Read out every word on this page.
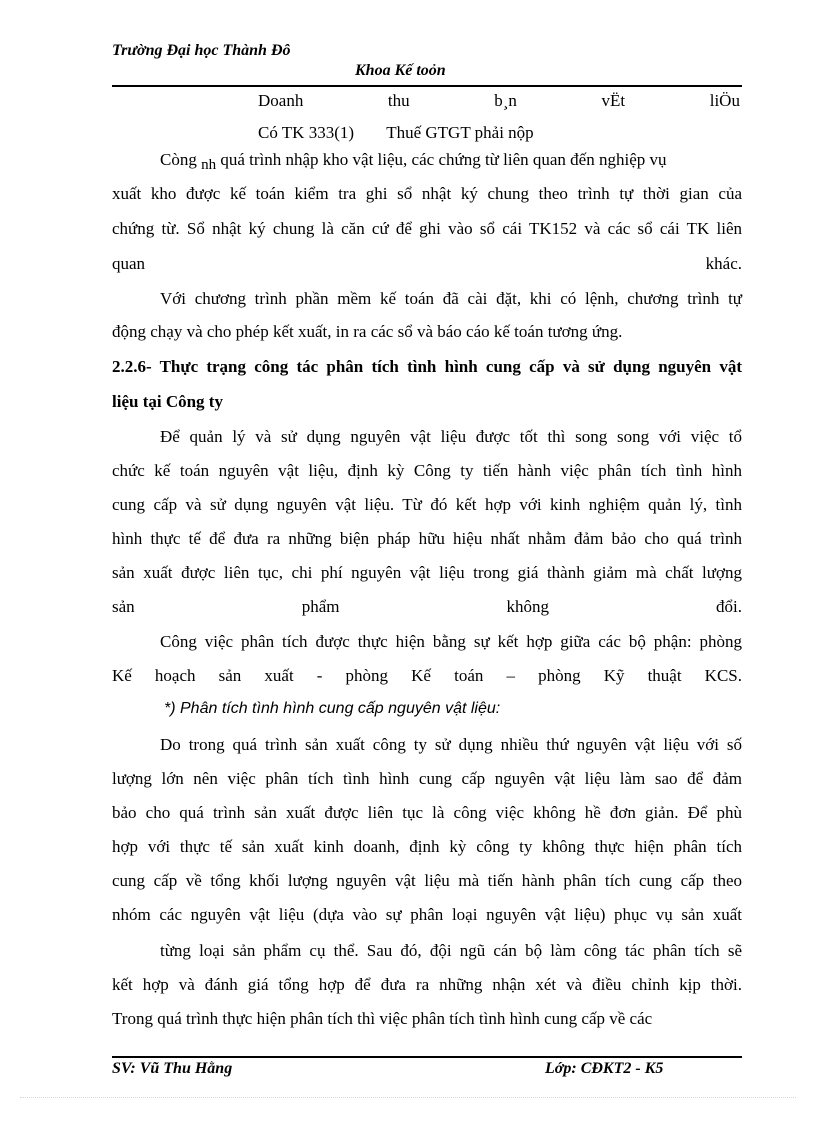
Trường Đại học Thành Đô
Khoa Kế toỏn
Doanh	thu	b¸n	vËt	liÖu
Có TK 333(1) Thuế GTGT phải nộp
Còng nh quá trình nhập kho vật liệu, các chứng từ liên quan đến nghiệp vụ
xuất kho được kế toán kiểm tra ghi sổ nhật ký chung theo trình tự thời gian của
chứng từ. Sổ nhật ký chung là căn cứ để ghi vào sổ cái TK152 và các sổ cái TK liên
quan	khác.
Với chương trình phần mềm kế toán đã cài đặt, khi có lệnh, chương trình tự
động chạy và cho phép kết xuất, in ra các sổ và báo cáo kế toán tương ứng.
2.2.6- Thực trạng công tác phân tích tình hình cung cấp và sử dụng nguyên vật
liệu tại Công ty
Để quản lý và sử dụng nguyên vật liệu được tốt thì song song với việc tổ
chức kế toán nguyên vật liệu, định kỳ Công ty tiến hành việc phân tích tình hình
cung cấp và sử dụng nguyên vật liệu. Từ đó kết hợp với kinh nghiệm quản lý, tình
hình thực tế để đưa ra những biện pháp hữu hiệu nhất nhằm đảm bảo cho quá trình
sản xuất được liên tục, chi phí nguyên vật liệu trong giá thành giảm mà chất lượng
sản	phẩm	không	đổi.
Công việc phân tích được thực hiện bằng sự kết hợp giữa các bộ phận: phòng
Kế hoạch sản xuất - phòng Kế toán – phòng Kỹ thuật KCS.
*) Phân tích tình hình cung cấp nguyên vật liệu:
Do trong quá trình sản xuất công ty sử dụng nhiều thứ nguyên vật liệu với số
lượng lớn nên việc phân tích tình hình cung cấp nguyên vật liệu làm sao để đảm
bảo cho quá trình sản xuất được liên tục là công việc không hề đơn giản. Để phù
hợp với thực tế sản xuất kinh doanh, định kỳ công ty không thực hiện phân tích
cung cấp về tổng khối lượng nguyên vật liệu mà tiến hành phân tích cung cấp theo
nhóm các nguyên vật liệu (dựa vào sự phân loại nguyên vật liệu) phục vụ sản xuất
từng loại sản phẩm cụ thể. Sau đó, đội ngũ cán bộ làm công tác phân tích sẽ
kết hợp và đánh giá tổng hợp để đưa ra những nhận xét và điều chỉnh kịp thời.
Trong quá trình thực hiện phân tích thì việc phân tích tình hình cung cấp về các
SV: Vũ Thu Hằng	Lớp: CĐKT2 - K5
